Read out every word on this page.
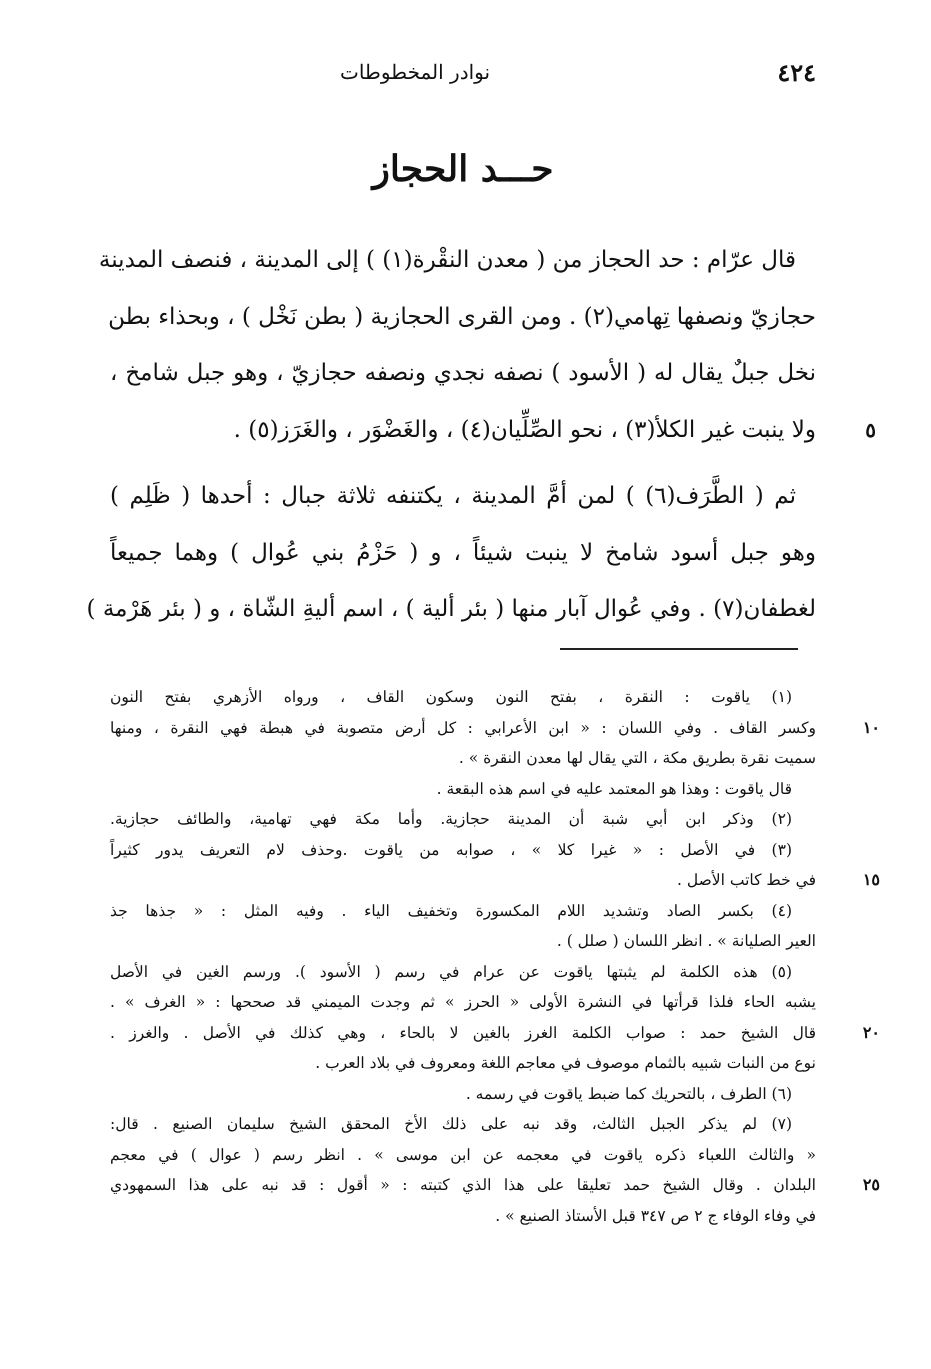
٤٢٤
نوادر المخطوطات
حـــد الحجاز
قال عرّام : حد الحجاز من ( معدن النقْرة(١) ) إلى المدينة ، فنصف المدينة
حجازيّ ونصفها تِهامي(٢) . ومن القرى الحجازية ( بطن نَخْل ) ، وبحذاء بطن
نخل جبلٌ يقال له ( الأسود ) نصفه نجدي ونصفه حجازيّ ، وهو جبل شامخ ،
ولا ينبت غير الكلأ(٣) ، نحو الصِّلِّيان(٤) ، والغَضْوَر ، والغَرَز(٥) .	٥
ثم ( الطَّرَف(٦) ) لمن أمَّ المدينة ، يكتنفه ثلاثة جبال : أحدها ( ظَلِم )
وهو جبل أسود شامخ لا ينبت شيئاً ، و ( حَزْمُ بني عُوال ) وهما جميعاً
لغطفان(٧) . وفي عُوال آبار منها ( بئر ألية ) ، اسم أليةِ الشّاة ، و ( بئر هَرْمة )
(١) ياقوت : النقرة ، بفتح النون وسكون القاف ، ورواه الأزهري بفتح النون
وكسر القاف . وفي اللسان : « ابن الأعرابي : كل أرض متصوبة في هبطة فهي النقرة ، ومنها	١٠
سميت نقرة بطريق مكة ، التي يقال لها معدن النقرة » .
قال ياقوت : وهذا هو المعتمد عليه في اسم هذه البقعة .
(٢) وذكر ابن أبي شبة أن المدينة حجازية. وأما مكة فهي تهامية، والطائف حجازية.
(٣) في الأصل : « غيرا كلا » ، صوابه من ياقوت .وحذف لام التعريف يدور كثيراً
في خط كاتب الأصل .	١٥
(٤) بكسر الصاد وتشديد اللام المكسورة وتخفيف الياء . وفيه المثل : « جذها جذ
العير الصليانة » . انظر اللسان ( صلل ) .
(٥) هذه الكلمة لم يثبتها ياقوت عن عرام في رسم ( الأسود ). ورسم الغين في الأصل
يشبه الحاء فلذا قرأتها في النشرة الأولى « الحرز » ثم وجدت الميمني قد صححها : « الغرف » .
قال الشيخ حمد : صواب الكلمة الغرز بالغين لا بالحاء ، وهي كذلك في الأصل . والغرز .	٢٠
نوع من النبات شبيه بالثمام موصوف في معاجم اللغة ومعروف في بلاد العرب .
(٦) الطرف ، بالتحريك كما ضبط ياقوت في رسمه .
(٧) لم يذكر الجبل الثالث، وقد نبه على ذلك الأخ المحقق الشيخ سليمان الصنيع . قال:
« والثالث اللعباء ذكره ياقوت في معجمه عن ابن موسى » . انظر رسم ( عوال ) في معجم
البلدان . وقال الشيخ حمد تعليقا على هذا الذي كتبته : « أقول : قد نبه على هذا السمهودي	٢٥
في وفاء الوفاء ج ٢ ص ٣٤٧ قبل الأستاذ الصنيع » .
